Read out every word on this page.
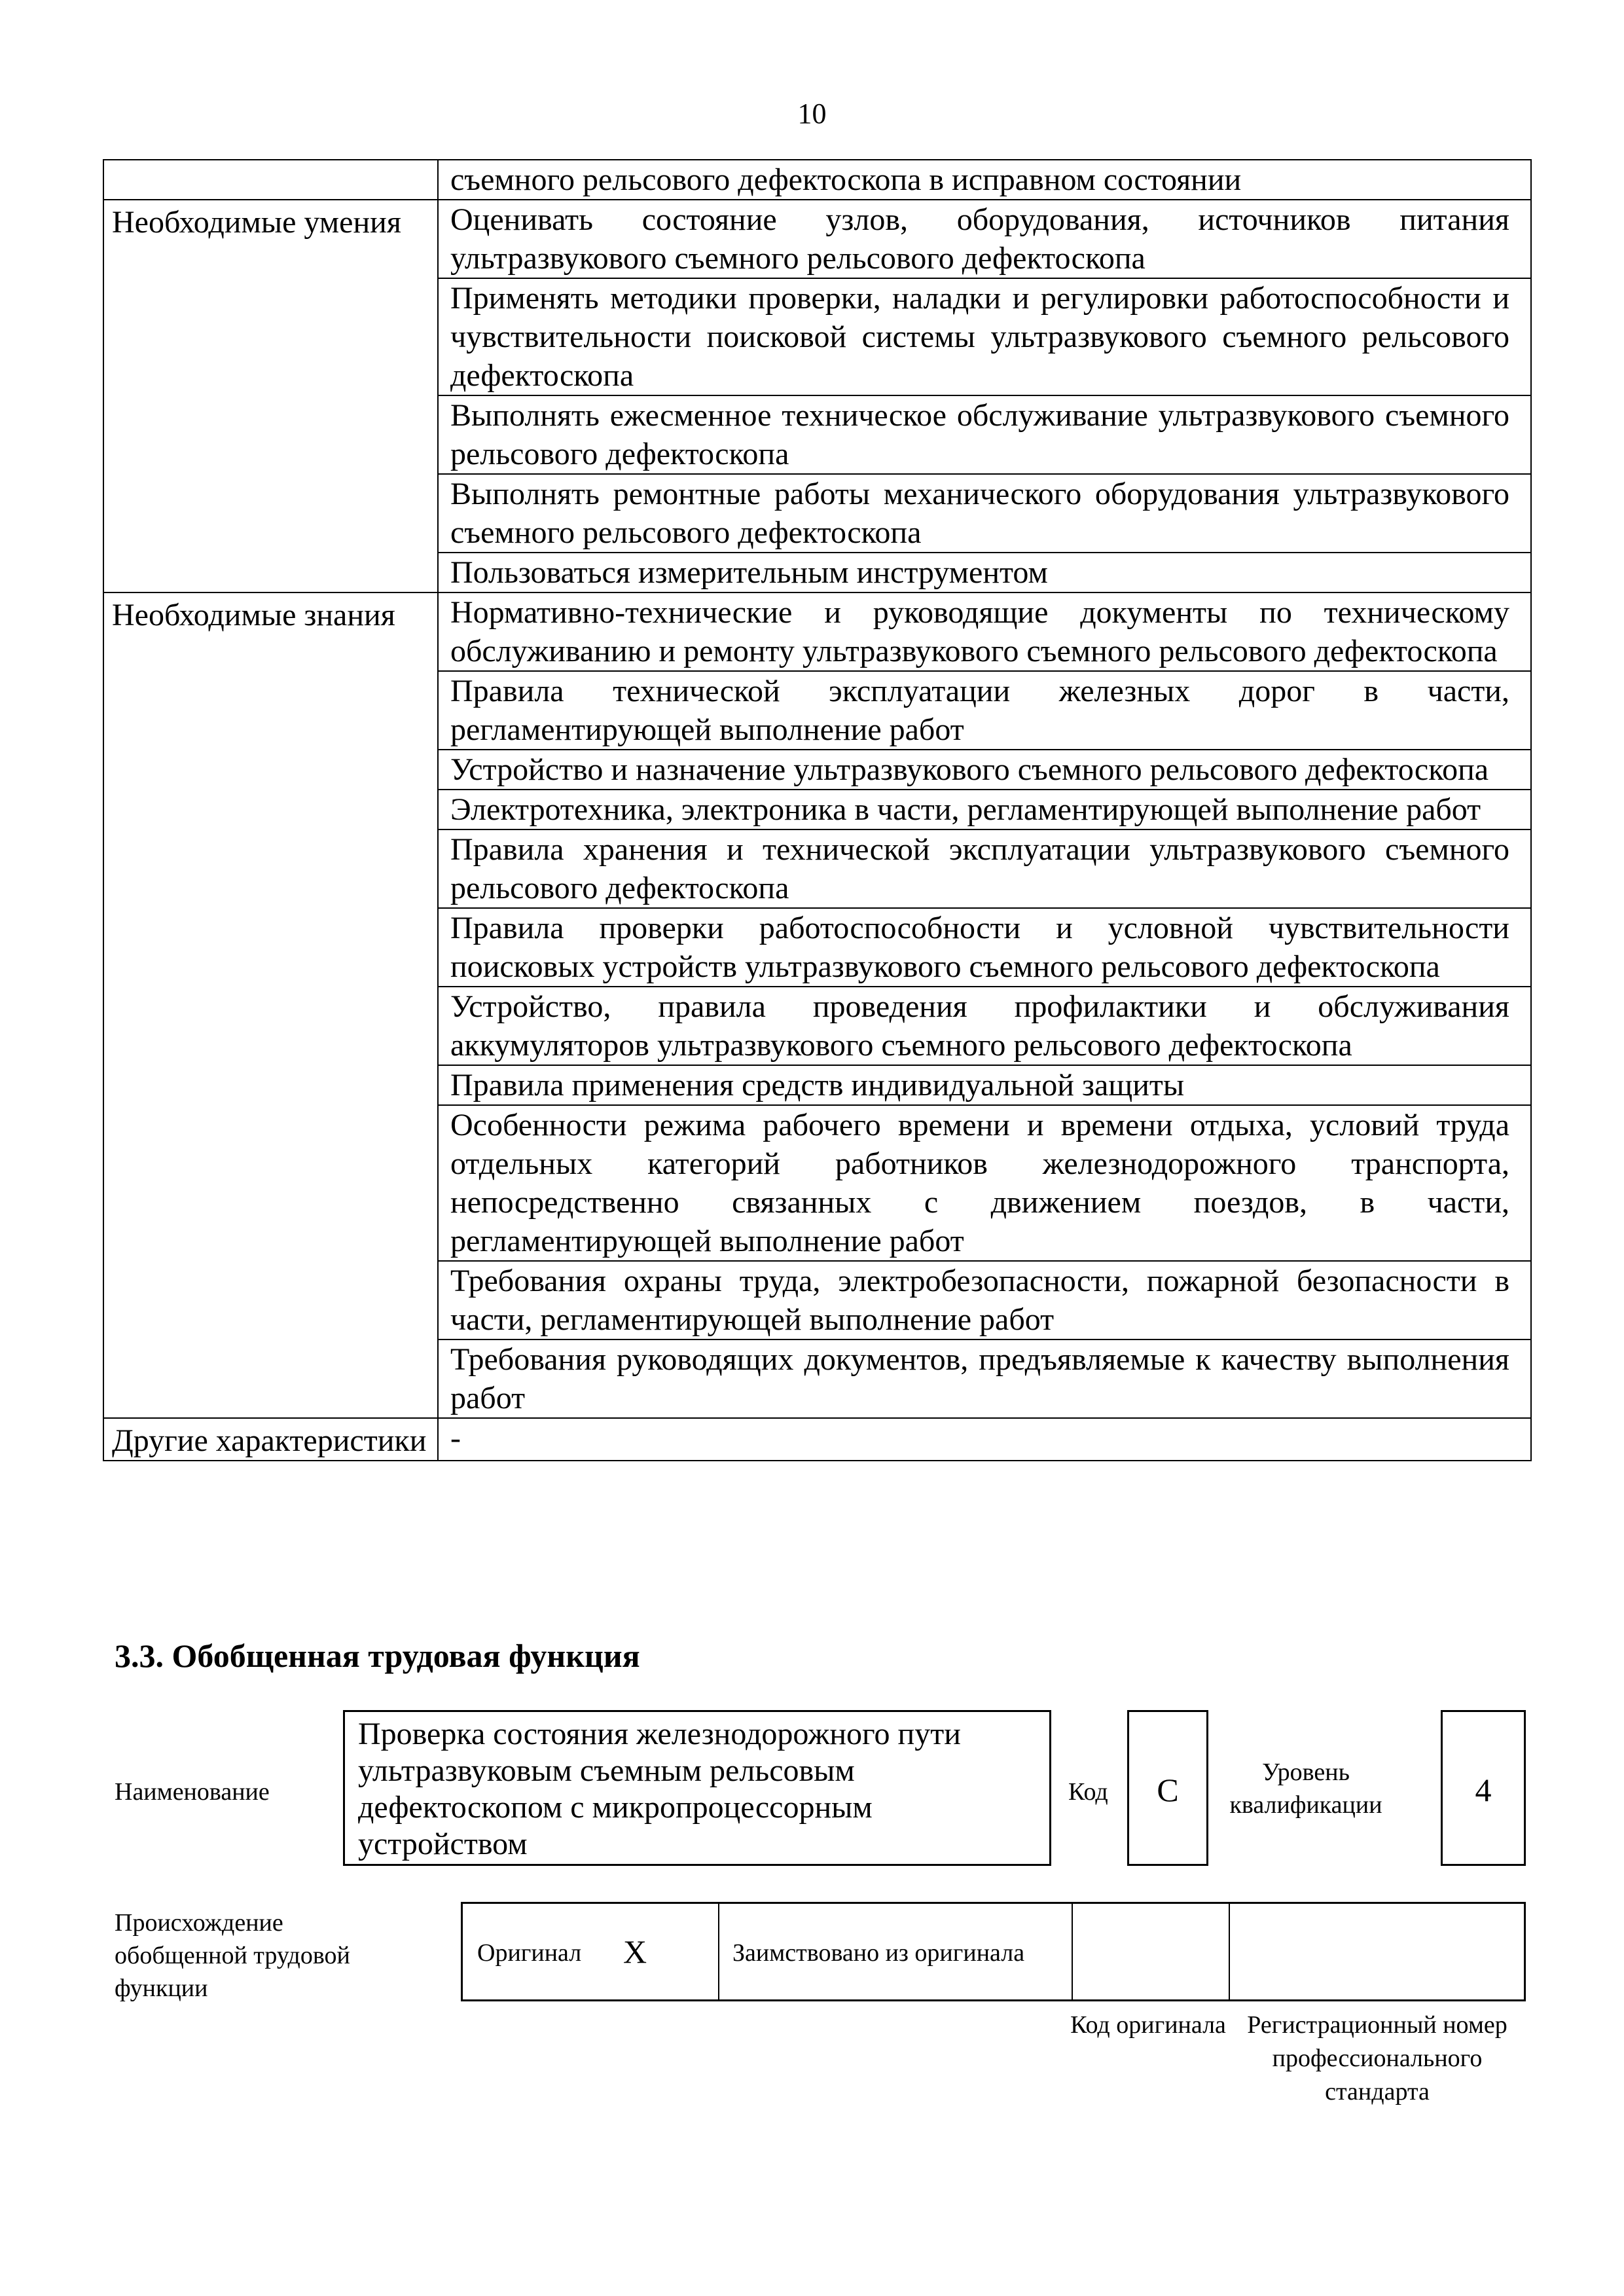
10
	съемного рельсового дефектоскопа в исправном состоянии
Необходимые умения	Оценивать состояние узлов, оборудования, источников питания ультразвукового съемного рельсового дефектоскопа
	Применять методики проверки, наладки и регулировки работоспособности и чувствительности поисковой системы ультразвукового съемного рельсового дефектоскопа
	Выполнять ежесменное техническое обслуживание ультразвукового съемного рельсового дефектоскопа
	Выполнять ремонтные работы механического оборудования ультразвукового съемного рельсового дефектоскопа
	Пользоваться измерительным инструментом
Необходимые знания	Нормативно-технические и руководящие документы по техническому обслуживанию и ремонту ультразвукового съемного рельсового дефектоскопа
	Правила технической эксплуатации железных дорог в части, регламентирующей выполнение работ
	Устройство и назначение ультразвукового съемного рельсового дефектоскопа
	Электротехника, электроника в части, регламентирующей выполнение работ
	Правила хранения и технической эксплуатации ультразвукового съемного рельсового дефектоскопа
	Правила проверки работоспособности и условной чувствительности поисковых устройств ультразвукового съемного рельсового дефектоскопа
	Устройство, правила проведения профилактики и обслуживания аккумуляторов ультразвукового съемного рельсового дефектоскопа
	Правила применения средств индивидуальной защиты
	Особенности режима рабочего времени и времени отдыха, условий труда отдельных категорий работников железнодорожного транспорта, непосредственно связанных с движением поездов, в части, регламентирующей выполнение работ
	Требования охраны труда, электробезопасности, пожарной безопасности в части, регламентирующей выполнение работ
	Требования руководящих документов, предъявляемые к качеству выполнения работ
Другие характеристики	-
3.3. Обобщенная трудовая функция
Наименование
Проверка состояния железнодорожного пути ультразвуковым съемным рельсовым дефектоскопом с микропроцессорным устройством
Код	C	Уровень квалификации	4
Происхождение обобщенной трудовой функции
Оригинал X	Заимствовано из оригинала
Код оригинала Регистрационный номер профессионального стандарта
